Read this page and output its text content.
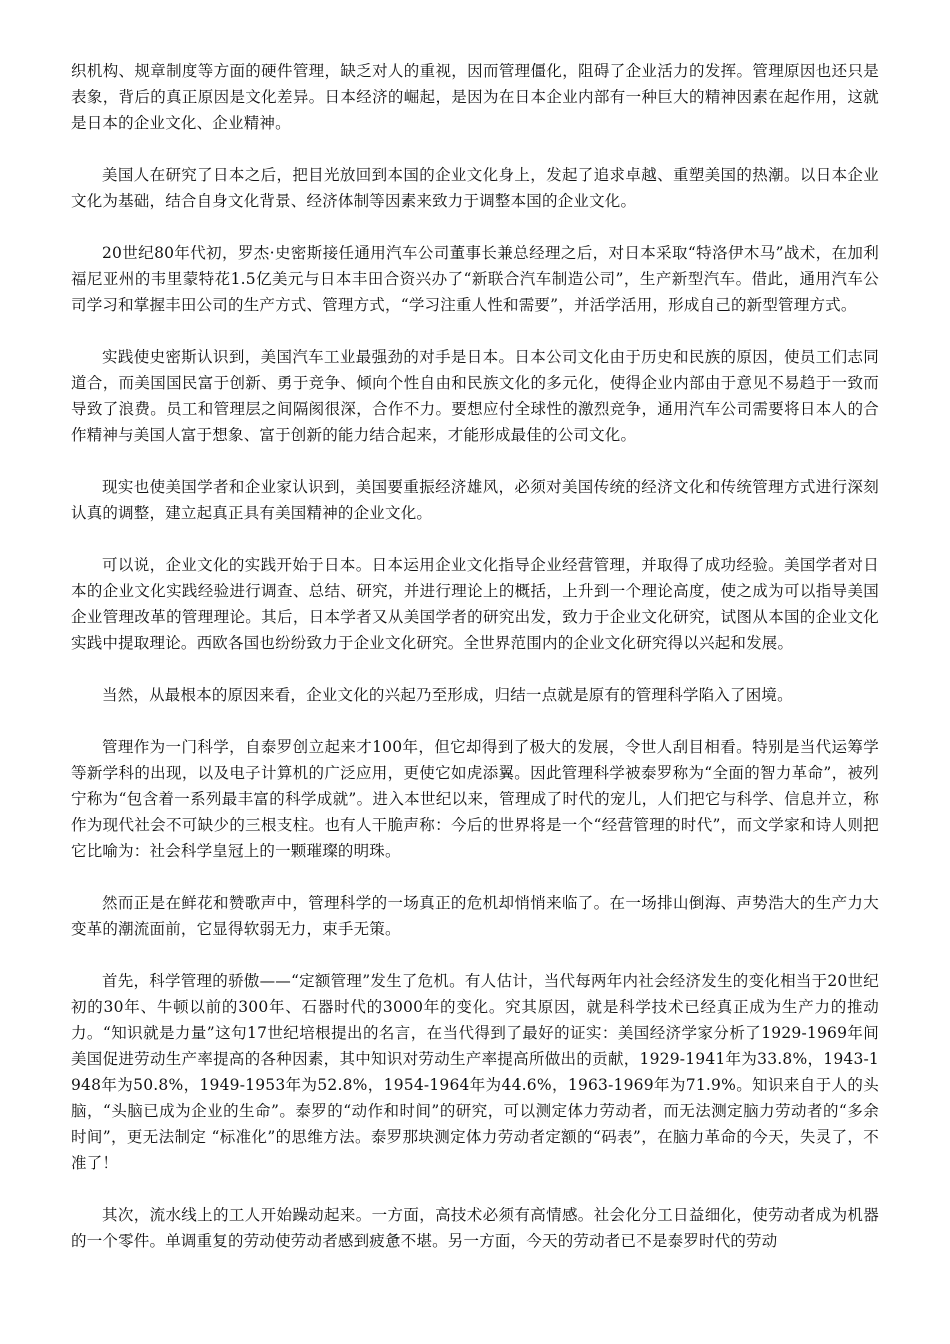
织机构、规章制度等方面的硬件管理，缺乏对人的重视，因而管理僵化，阻碍了企业活力的发挥。管理原因也还只是表象，背后的真正原因是文化差异。日本经济的崛起，是因为在日本企业内部有一种巨大的精神因素在起作用，这就是日本的企业文化、企业精神。

美国人在研究了日本之后，把目光放回到本国的企业文化身上，发起了追求卓越、重塑美国的热潮。以日本企业文化为基础，结合自身文化背景、经济体制等因素来致力于调整本国的企业文化。

20世纪80年代初，罗杰·史密斯接任通用汽车公司董事长兼总经理之后，对日本采取“特洛伊木马”战术，在加利福尼亚州的韦里蒙特花1.5亿美元与日本丰田合资兴办了“新联合汽车制造公司”，生产新型汽车。借此，通用汽车公司学习和掌握丰田公司的生产方式、管理方式，“学习注重人性和需要”，并活学活用，形成自己的新型管理方式。

实践使史密斯认识到，美国汽车工业最强劲的对手是日本。日本公司文化由于历史和民族的原因，使员工们志同道合，而美国国民富于创新、勇于竞争、倾向个性自由和民族文化的多元化，使得企业内部由于意见不易趋于一致而导致了浪费。员工和管理层之间隔阂很深，合作不力。要想应付全球性的激烈竞争，通用汽车公司需要将日本人的合作精神与美国人富于想象、富于创新的能力结合起来，才能形成最佳的公司文化。

现实也使美国学者和企业家认识到，美国要重振经济雄风，必须对美国传统的经济文化和传统管理方式进行深刻认真的调整，建立起真正具有美国精神的企业文化。

可以说，企业文化的实践开始于日本。日本运用企业文化指导企业经营管理，并取得了成功经验。美国学者对日本的企业文化实践经验进行调查、总结、研究，并进行理论上的概括，上升到一个理论高度，使之成为可以指导美国企业管理改革的管理理论。其后，日本学者又从美国学者的研究出发，致力于企业文化研究，试图从本国的企业文化实践中提取理论。西欧各国也纷纷致力于企业文化研究。全世界范围内的企业文化研究得以兴起和发展。

当然，从最根本的原因来看，企业文化的兴起乃至形成，归结一点就是原有的管理科学陷入了困境。

管理作为一门科学，自泰罗创立起来才100年，但它却得到了极大的发展，令世人刮目相看。特别是当代运筹学等新学科的出现，以及电子计算机的广泛应用，更使它如虎添翼。因此管理科学被泰罗称为“全面的智力革命”，被列宁称为“包含着一系列最丰富的科学成就”。进入本世纪以来，管理成了时代的宠儿，人们把它与科学、信息并立，称作为现代社会不可缺少的三根支柱。也有人干脆声称：今后的世界将是一个“经营管理的时代”，而文学家和诗人则把它比喻为：社会科学皇冠上的一颗璀璨的明珠。

然而正是在鲜花和赞歌声中，管理科学的一场真正的危机却悄悄来临了。在一场排山倒海、声势浩大的生产力大变革的潮流面前，它显得软弱无力，束手无策。

首先，科学管理的骄傲——“定额管理”发生了危机。有人估计，当代每两年内社会经济发生的变化相当于20世纪初的30年、牛顿以前的300年、石器时代的3000年的变化。究其原因，就是科学技术已经真正成为生产力的推动力。“知识就是力量”这句17世纪培根提出的名言，在当代得到了最好的证实：美国经济学家分析了1929-1969年间美国促进劳动生产率提高的各种因素，其中知识对劳动生产率提高所做出的贡献，1929-1941年为33.8%，1943-1948年为50.8%，1949-1953年为52.8%，1954-1964年为44.6%，1963-1969年为71.9%。知识来自于人的头脑，“头脑已成为企业的生命”。泰罗的“动作和时间”的研究，可以测定体力劳动者，而无法测定脑力劳动者的“多余时间”，更无法制定 “标准化”的思维方法。泰罗那块测定体力劳动者定额的“码表”，在脑力革命的今天，失灵了，不准了！

其次，流水线上的工人开始躁动起来。一方面，高技术必须有高情感。社会化分工日益细化，使劳动者成为机器的一个零件。单调重复的劳动使劳动者感到疲惫不堪。另一方面，今天的劳动者已不是泰罗时代的劳动
